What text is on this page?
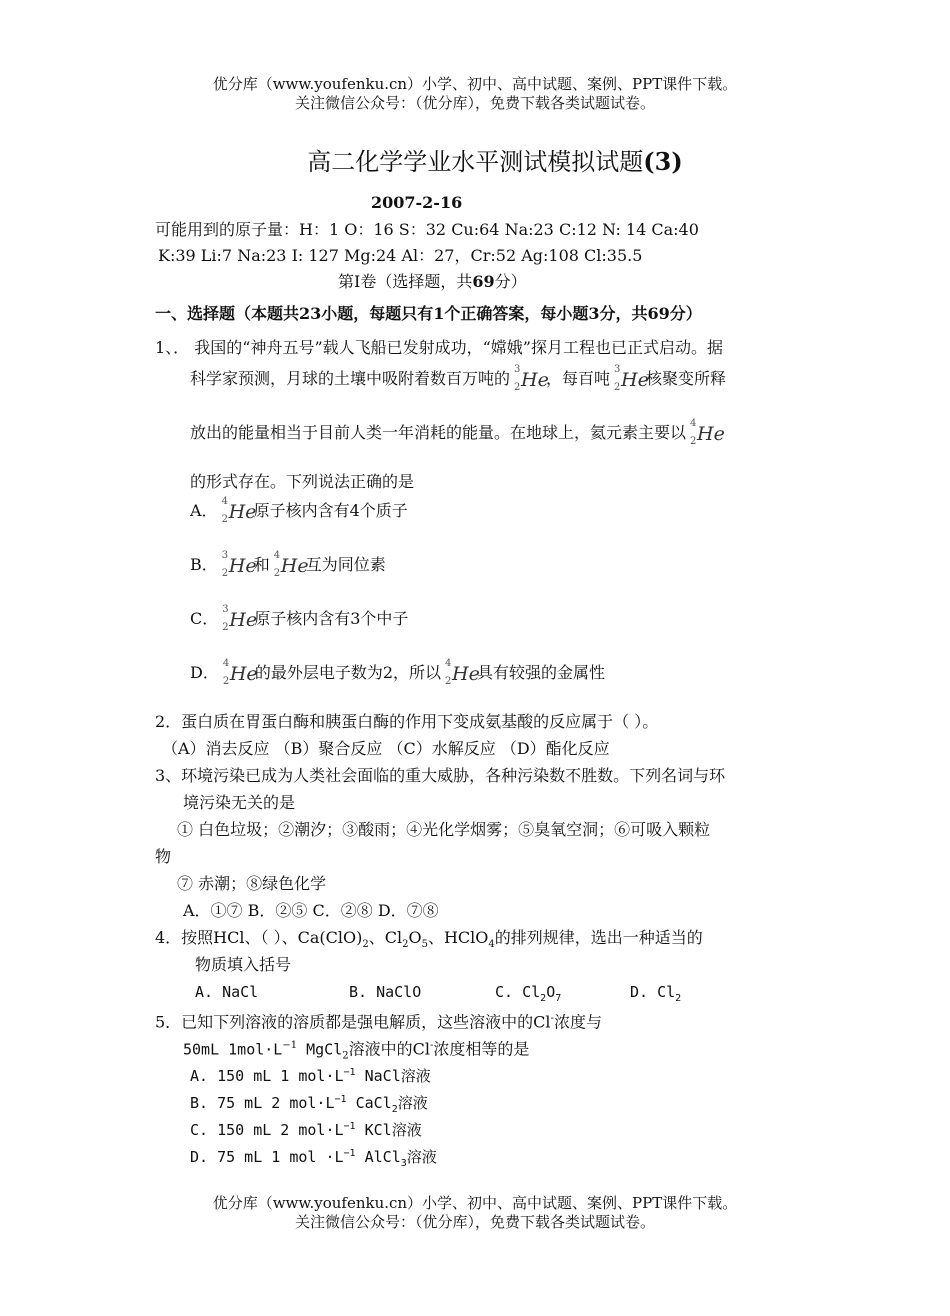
优分库（www.youfenku.cn）小学、初中、高中试题、案例、PPT课件下载。
关注微信公众号：（优分库），免费下载各类试题试卷。
高二化学学业水平测试模拟试题(3)
2007-2-16
可能用到的原子量：H：1 O：16 S：32 Cu:64 Na:23 C:12 N: 14 Ca:40
K:39 Li:7 Na:23 I: 127 Mg:24 Al：27，Cr:52 Ag:108 Cl:35.5
第Ⅰ卷（选择题，共69分）
一、选择题（本题共23小题，每题只有1个正确答案，每小题3分，共69分）
1、． 我国的“神舟五号”载人飞船已发射成功，“嫦娥”探月工程也已正式启动。据
科学家预测，月球的土壤中吸附着数百万吨的 3
2 He
，每百吨 3
2 He
核聚变所释
放出的能量相当于目前人类一年消耗的能量。在地球上，氦元素主要以 4
2 He
的形式存在。下列说法正确的是
A． 4
2 He
原子核内含有4个质子
B． 3
2 He
和 4
2 He
互为同位素
C． 3
2 He
原子核内含有3个中子
D． 4
2 He
的最外层电子数为2，所以 4
2 He
具有较强的金属性
2．蛋白质在胃蛋白酶和胰蛋白酶的作用下变成氨基酸的反应属于（ ）。
（A）消去反应 （B）聚合反应 （C）水解反应 （D）酯化反应
3、环境污染已成为人类社会面临的重大威胁，各种污染数不胜数。下列名词与环
境污染无关的是
① 白色垃圾；②潮汐；③酸雨；④光化学烟雾；⑤臭氧空洞；⑥可吸入颗粒
物
⑦ 赤潮；⑧绿色化学
A．①⑦ B．②⑤ C．②⑧ D．⑦⑧
4．按照HCl、（ ）、$Ca(ClO)_2$、$Cl_2O_5$、HClO$_4$的排列规律，选出一种适当的
物质填入括号
A. NaCl	B. NaClO	C. $Cl_2O_7$	D. $Cl_2$
5．已知下列溶液的溶质都是强电解质，这些溶液中的Cl-浓度与
50mL $1mol\cdot L^{-1}$ MgCl$_2$溶液中的Cl-浓度相等的是
A. 150 mL 1 $mol\cdot L^{-1}$ NaCl溶液
B. 75 mL 2 $mol\cdot L^{-1}$ CaCl$_2$溶液
C. 150 mL 2 $mol\cdot L^{-1}$ KCl溶液
D. 75 mL 1 mol $\cdot L^{-1}$ AlCl$_3$溶液
优分库（www.youfenku.cn）小学、初中、高中试题、案例、PPT课件下载。
关注微信公众号：（优分库），免费下载各类试题试卷。
